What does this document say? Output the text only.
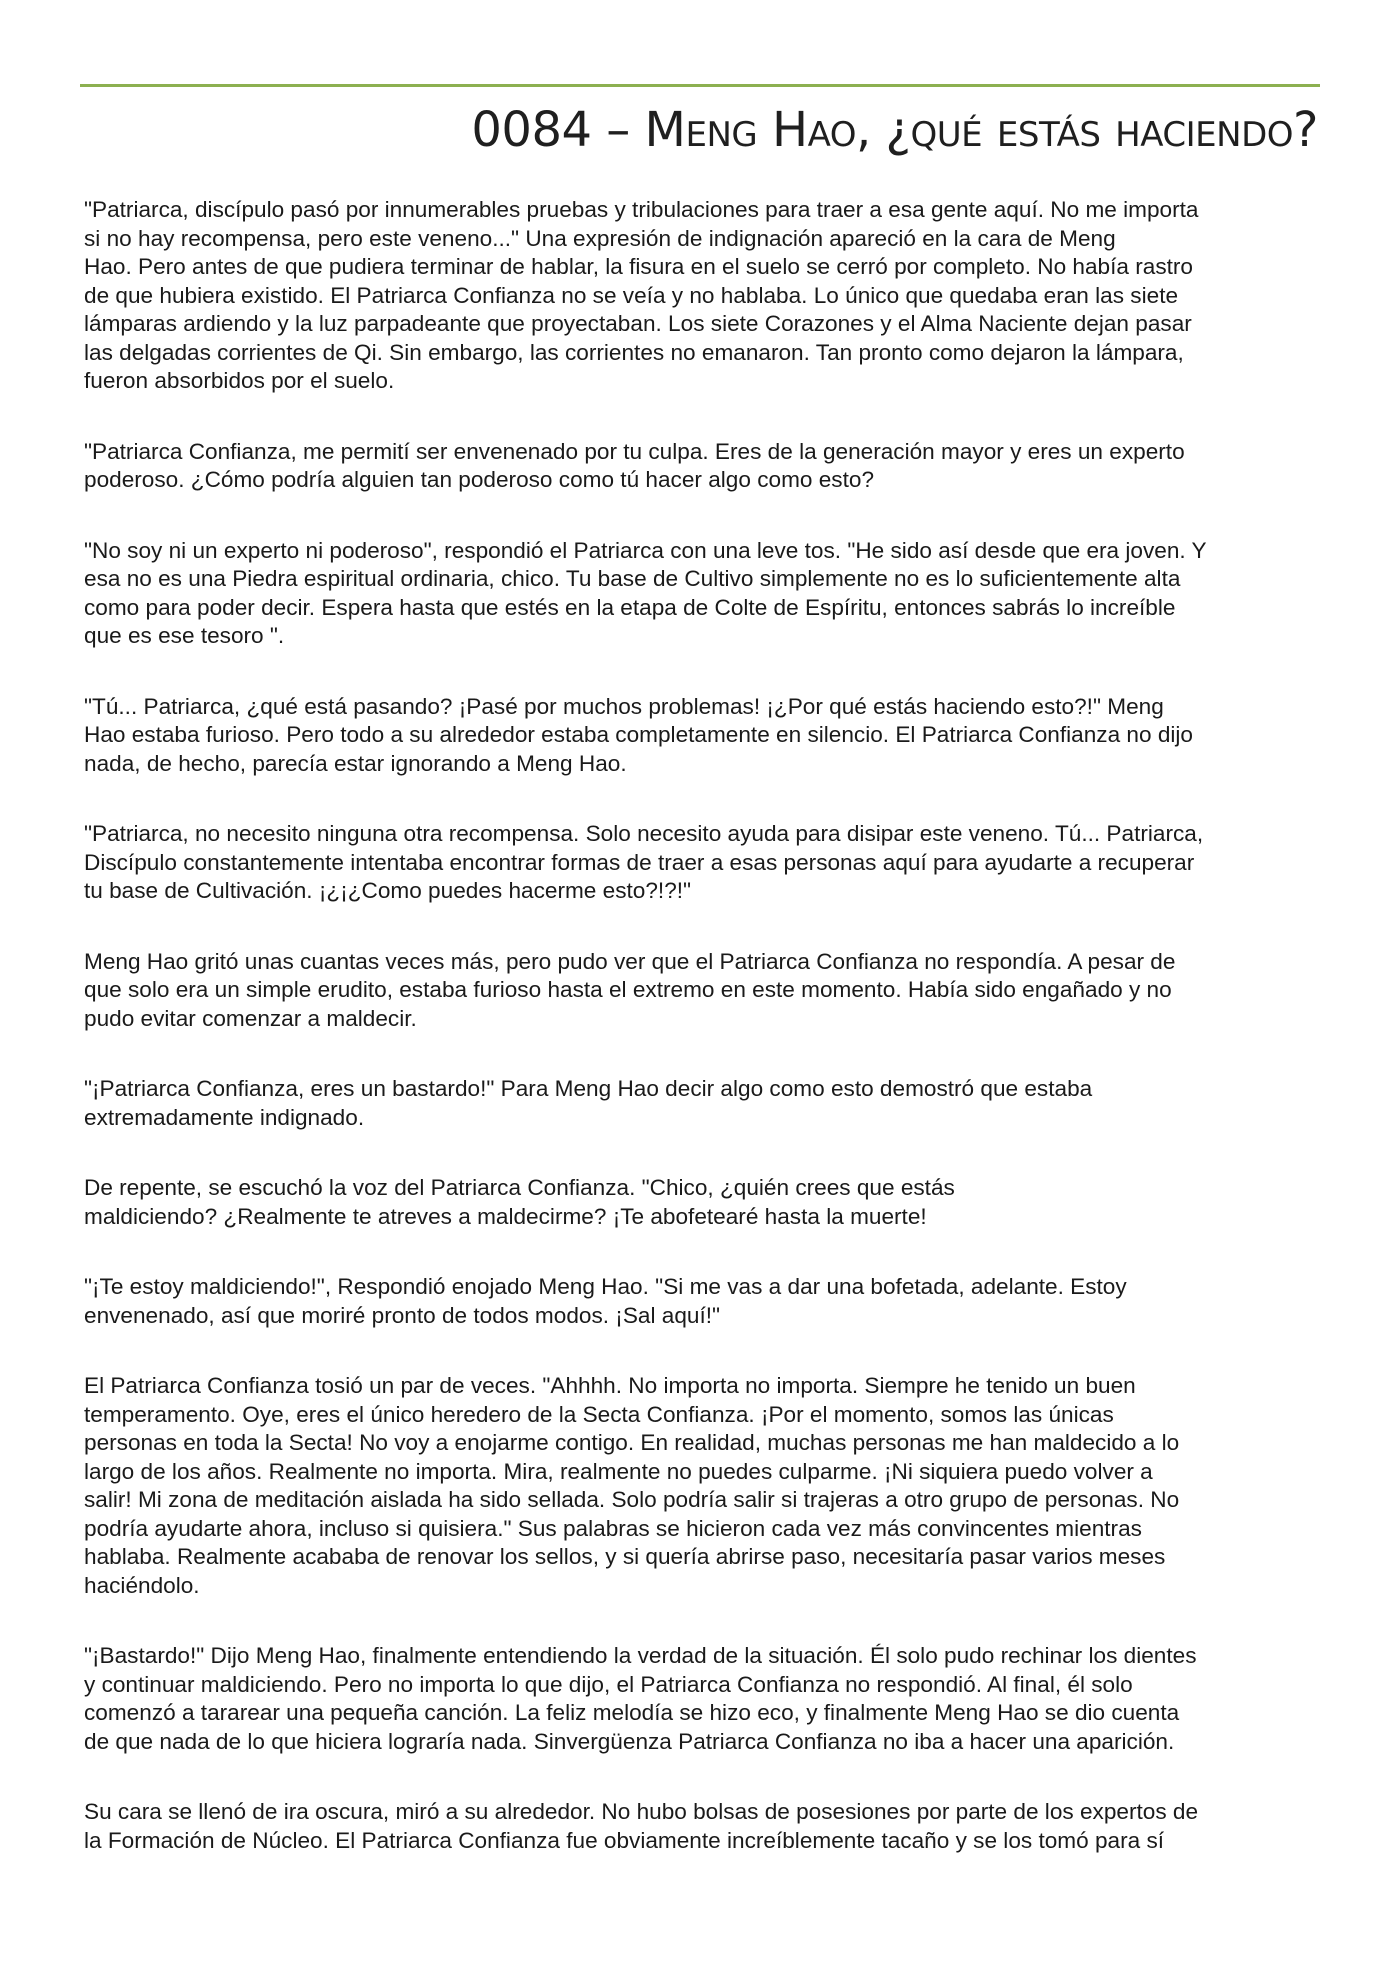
0084 – Meng Hao, ¿qué estás haciendo?

"Patriarca, discípulo pasó por innumerables pruebas y tribulaciones para traer a esa gente aquí. No me importa
si no hay recompensa, pero este veneno..." Una expresión de indignación apareció en la cara de Meng
Hao. Pero antes de que pudiera terminar de hablar, la fisura en el suelo se cerró por completo. No había rastro
de que hubiera existido. El Patriarca Confianza no se veía y no hablaba. Lo único que quedaba eran las siete
lámparas ardiendo y la luz parpadeante que proyectaban. Los siete Corazones y el Alma Naciente dejan pasar
las delgadas corrientes de Qi. Sin embargo, las corrientes no emanaron. Tan pronto como dejaron la lámpara,
fueron absorbidos por el suelo.

"Patriarca Confianza, me permití ser envenenado por tu culpa. Eres de la generación mayor y eres un experto
poderoso. ¿Cómo podría alguien tan poderoso como tú hacer algo como esto?

"No soy ni un experto ni poderoso", respondió el Patriarca con una leve tos. "He sido así desde que era joven. Y
esa no es una Piedra espiritual ordinaria, chico. Tu base de Cultivo simplemente no es lo suficientemente alta
como para poder decir. Espera hasta que estés en la etapa de Colte de Espíritu, entonces sabrás lo increíble
que es ese tesoro ".

"Tú... Patriarca, ¿qué está pasando? ¡Pasé por muchos problemas! ¡¿Por qué estás haciendo esto?!" Meng
Hao estaba furioso. Pero todo a su alrededor estaba completamente en silencio. El Patriarca Confianza no dijo
nada, de hecho, parecía estar ignorando a Meng Hao.

"Patriarca, no necesito ninguna otra recompensa. Solo necesito ayuda para disipar este veneno. Tú... Patriarca,
Discípulo constantemente intentaba encontrar formas de traer a esas personas aquí para ayudarte a recuperar
tu base de Cultivación. ¡¿¡¿Como puedes hacerme esto?!?!"

Meng Hao gritó unas cuantas veces más, pero pudo ver que el Patriarca Confianza no respondía. A pesar de
que solo era un simple erudito, estaba furioso hasta el extremo en este momento. Había sido engañado y no
pudo evitar comenzar a maldecir.

"¡Patriarca Confianza, eres un bastardo!" Para Meng Hao decir algo como esto demostró que estaba
extremadamente indignado.

De repente, se escuchó la voz del Patriarca Confianza. "Chico, ¿quién crees que estás
maldiciendo? ¿Realmente te atreves a maldecirme? ¡Te abofetearé hasta la muerte!

"¡Te estoy maldiciendo!", Respondió enojado Meng Hao. "Si me vas a dar una bofetada, adelante. Estoy
envenenado, así que moriré pronto de todos modos. ¡Sal aquí!"

El Patriarca Confianza tosió un par de veces. "Ahhhh. No importa no importa. Siempre he tenido un buen
temperamento. Oye, eres el único heredero de la Secta Confianza. ¡Por el momento, somos las únicas
personas en toda la Secta! No voy a enojarme contigo. En realidad, muchas personas me han maldecido a lo
largo de los años. Realmente no importa. Mira, realmente no puedes culparme. ¡Ni siquiera puedo volver a
salir! Mi zona de meditación aislada ha sido sellada. Solo podría salir si trajeras a otro grupo de personas. No
podría ayudarte ahora, incluso si quisiera." Sus palabras se hicieron cada vez más convincentes mientras
hablaba. Realmente acababa de renovar los sellos, y si quería abrirse paso, necesitaría pasar varios meses
haciéndolo.

"¡Bastardo!" Dijo Meng Hao, finalmente entendiendo la verdad de la situación. Él solo pudo rechinar los dientes
y continuar maldiciendo. Pero no importa lo que dijo, el Patriarca Confianza no respondió. Al final, él solo
comenzó a tararear una pequeña canción. La feliz melodía se hizo eco, y finalmente Meng Hao se dio cuenta
de que nada de lo que hiciera lograría nada. Sinvergüenza Patriarca Confianza no iba a hacer una aparición.

Su cara se llenó de ira oscura, miró a su alrededor. No hubo bolsas de posesiones por parte de los expertos de
la Formación de Núcleo. El Patriarca Confianza fue obviamente increíblemente tacaño y se los tomó para sí
